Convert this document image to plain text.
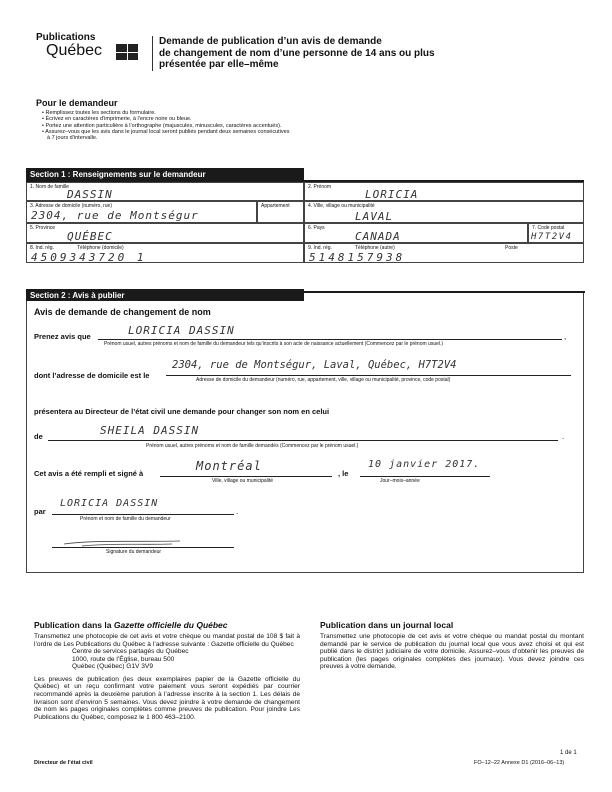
Publications
Québec
Demande de publication d’un avis de demande
de changement de nom d’une personne de 14 ans ou plus
présentée par elle–même
Pour le demandeur
• Remplissez toutes les sections du formulaire.
• Écrivez en caractères d’imprimerie, à l’encre noire ou bleue.
• Portez une attention particulière à l’orthographe (majuscules, minuscules, caractères accentués).
• Assurez–vous que les avis dans le journal local seront publiés pendant deux semaines consécutives
à 7 jours d’intervalle.
Section 1 : Renseignements sur le demandeur
1. Nom de famille
DASSIN
2. Prénom
LORICIA
3. Adresse de domicile (numéro, rue)
2304, rue de Montségur
Appartement	4. Ville, village ou municipalité
LAVAL
5. Province
QUÉBEC
6. Pays
CANADA
7. Code postal
H7T2V4
8. Ind. rég.	Téléphone (domicile)
4509343720 1
9. Ind. rég.	Téléphone (autre)	Poste
5148157938
Section 2 : Avis à publier
Avis de demande de changement de nom
Prenez avis que	LORICIA DASSIN
Prénom usuel, autres prénoms et nom de famille du demandeur tels qu’inscrits à son acte de naissance actuellement (Commencez par le prénom usuel.)
,
dont l’adresse de domicile est le
2304, rue de Montségur, Laval, Québec, H7T2V4
Adresse de domicile du demandeur (numéro, rue, appartement, ville, village ou municipalité, province, code postal)
présentera au Directeur de l’état civil une demande pour changer son nom en celui
de	SHEILA DASSIN
Prénom usuel, autres prénoms et nom de famille demandés (Commencez par le prénom usuel.)
.
Cet avis a été rempli et signé à
Montréal
Ville, village ou municipalité
, le
10 janvier 2017.
Jour–mois–année
par
LORICIA DASSIN
Prénom et nom de famille du demandeur
.
Signature du demandeur
Publication dans la Gazette officielle du Québec
Transmettez une photocopie de cet avis et votre chèque ou mandat postal de 108 $ fait à l’ordre de Les Publications du Québec à l’adresse suivante : Gazette officielle du Québec
Centre de services partagés du Québec
1000, route de l’Église, bureau 500
Québec (Québec) G1V 3V9
Les preuves de publication (les deux exemplaires papier de la Gazette officielle du Québec) et un reçu confirmant votre paiement vous seront expédiés par courrier recommandé après la deuxième parution à l’adresse inscrite à la section 1. Les délais de livraison sont d’environ 5 semaines. Vous devez joindre à votre demande de changement de nom les pages originales complètes comme preuves de publication. Pour joindre Les Publications du Québec, composez le 1 800 463–2100.
Publication dans un journal local
Transmettez une photocopie de cet avis et votre chèque ou mandat postal du montant demandé par le service de publication du journal local que vous avez choisi et qui est publié dans le district judiciaire de votre domicile. Assurez–vous d’obtenir les preuves de publication (les pages originales complètes des journaux). Vous devez joindre ces preuves à votre demande.
Directeur de l’état civil
1 de 1
FO–12–22 Annexe D1 (2016–06–13)
